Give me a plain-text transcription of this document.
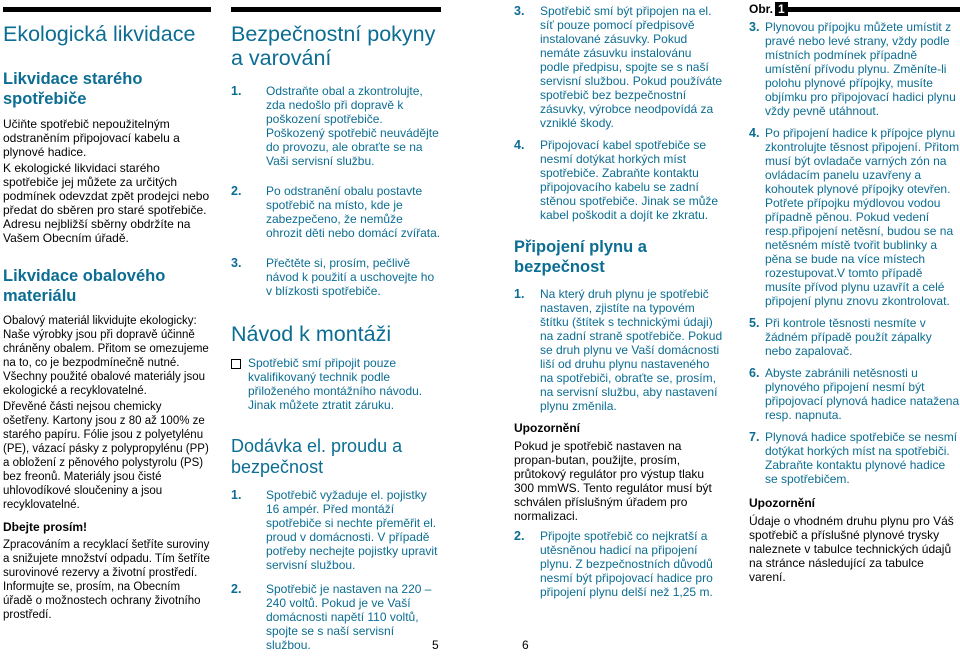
Ekologická likvidace
Likvidace starého spotřebiče

Učiňte spotřebič nepoužitelným odstraněním připojovací kabelu a plynové hadice.

K ekologické likvidaci starého spotřebiče jej můžete za určitých podmínek odevzdat zpět prodejci nebo předat do sběren pro staré spotřebiče. Adresu nejbližší sběrny obdržíte na Vašem Obecním úřadě.

Likvidace obalového materiálu

Obalový materiál likvidujte ekologicky: Naše výrobky jsou při dopravě účinně chráněny obalem. Přitom se omezujeme na to, co je bezpodmínečně nutné. Všechny použité obalové materiály jsou ekologické a recyklovatelné.

Dřevěné části nejsou chemicky ošetřeny. Kartony jsou z 80 až 100% ze starého papíru. Fólie jsou z polyetylénu (PE), vázací pásky z polypropylénu (PP) a obložení z pěnového polystyrolu (PS) bez freonů. Materiály jsou čisté uhlovodíkové sloučeniny a jsou recyklovatelné.

Dbejte prosím!

Zpracováním a recyklací šetříte suroviny a snižujete množství odpadu. Tím šetříte surovinové rezervy a životní prostředí. Informujte se, prosím, na Obecním úřadě o možnostech ochrany životního prostředí.

Bezpečnostní pokyny a varování
1. Odstraňte obal a zkontrolujte, zda nedošlo při dopravě k poškození spotřebiče. Poškozený spotřebič neuvádějte do provozu, ale obraťte se na Vaši servisní službu.
2. Po odstranění obalu postavte spotřebič na místo, kde je zabezpečeno, že nemůže ohrozit děti nebo domácí zvířata.
3. Přečtěte si, prosím, pečlivě návod k použití a uschovejte ho v blízkosti spotřebiče.
Návod k montáži
Spotřebič smí připojit pouze kvalifikovaný technik podle přiloženého montážního návodu. Jinak můžete ztratit záruku.
Dodávka el. proudu a bezpečnost
1. Spotřebič vyžaduje el. pojistky 16 ampér. Před montáží spotřebiče si nechte přeměřit el. proud v domácnosti. V případě potřeby nechejte pojistky upravit servisní službou.
2. Spotřebič je nastaven na 220 – 240 voltů. Pokud je ve Vaší domácnosti napětí 110 voltů, spojte se s naší servisní službou.
3. Spotřebič smí být připojen na el. síť pouze pomocí předpisově instalované zásuvky. Pokud nemáte zásuvku instalovánu podle předpisu, spojte se s naší servisní službou. Pokud používáte spotřebič bez bezpečnostní zásuvky, výrobce neodpovídá za vzniklé škody.
4. Připojovací kabel spotřebiče se nesmí dotýkat horkých míst spotřebiče. Zabraňte kontaktu připojovacího kabelu se zadní stěnou spotřebiče. Jinak se může kabel poškodit a dojít ke zkratu.
Připojení plynu a bezpečnost
1. Na který druh plynu je spotřebič nastaven, zjistíte na typovém štítku (štítek s technickými údaji) na zadní straně spotřebiče. Pokud se druh plynu ve Vaší domácnosti liší od druhu plynu nastaveného na spotřebiči, obraťte se, prosím, na servisní službu, aby nastavení plynu změnila.

Upozornění

Pokud je spotřebič nastaven na propan-butan, použijte, prosím, průtokový regulátor pro výstup tlaku 300 mmWS. Tento regulátor musí být schválen příslušným úřadem pro normalizaci.

2. Připojte spotřebič co nejkratší a utěsněnou hadicí na připojení plynu. Z bezpečnostních důvodů nesmí být připojovací hadice pro připojení plynu delší než 1,25 m.
Obr. 1
3. Plynovou přípojku můžete umístit z pravé nebo levé strany, vždy podle místních podmínek případně umístění přívodu plynu. Změníte-li polohu plynové přípojky, musíte objímku pro připojovací hadici plynu vždy pevně utáhnout.
4. Po připojení hadice k přípojce plynu zkontrolujte těsnost připojení. Přitom musí být ovladače varných zón na ovládacím panelu uzavřeny a kohoutek plynové přípojky otevřen. Potřete přípojku mýdlovou vodou případně pěnou. Pokud vedení resp.připojení netěsní, budou se na netěsném místě tvořit bublinky a pěna se bude na více místech rozestupovat.V tomto případě musíte přívod plynu uzavřít a celé připojení plynu znovu zkontrolovat.
5. Při kontrole těsnosti nesmíte v žádném případě použít zápalky nebo zapalovač.
6. Abyste zabránili netěsnosti u plynového připojení nesmí být připojovací plynová hadice natažena resp. napnuta.
7. Plynová hadice spotřebiče se nesmí dotýkat horkých míst na spotřebiči. Zabraňte kontaktu plynové hadice se spotřebičem.

Upozornění

Údaje o vhodném druhu plynu pro Váš spotřebič a příslušné plynové trysky naleznete v tabulce technických údajů na stránce následující za tabulce varení.

5	6
